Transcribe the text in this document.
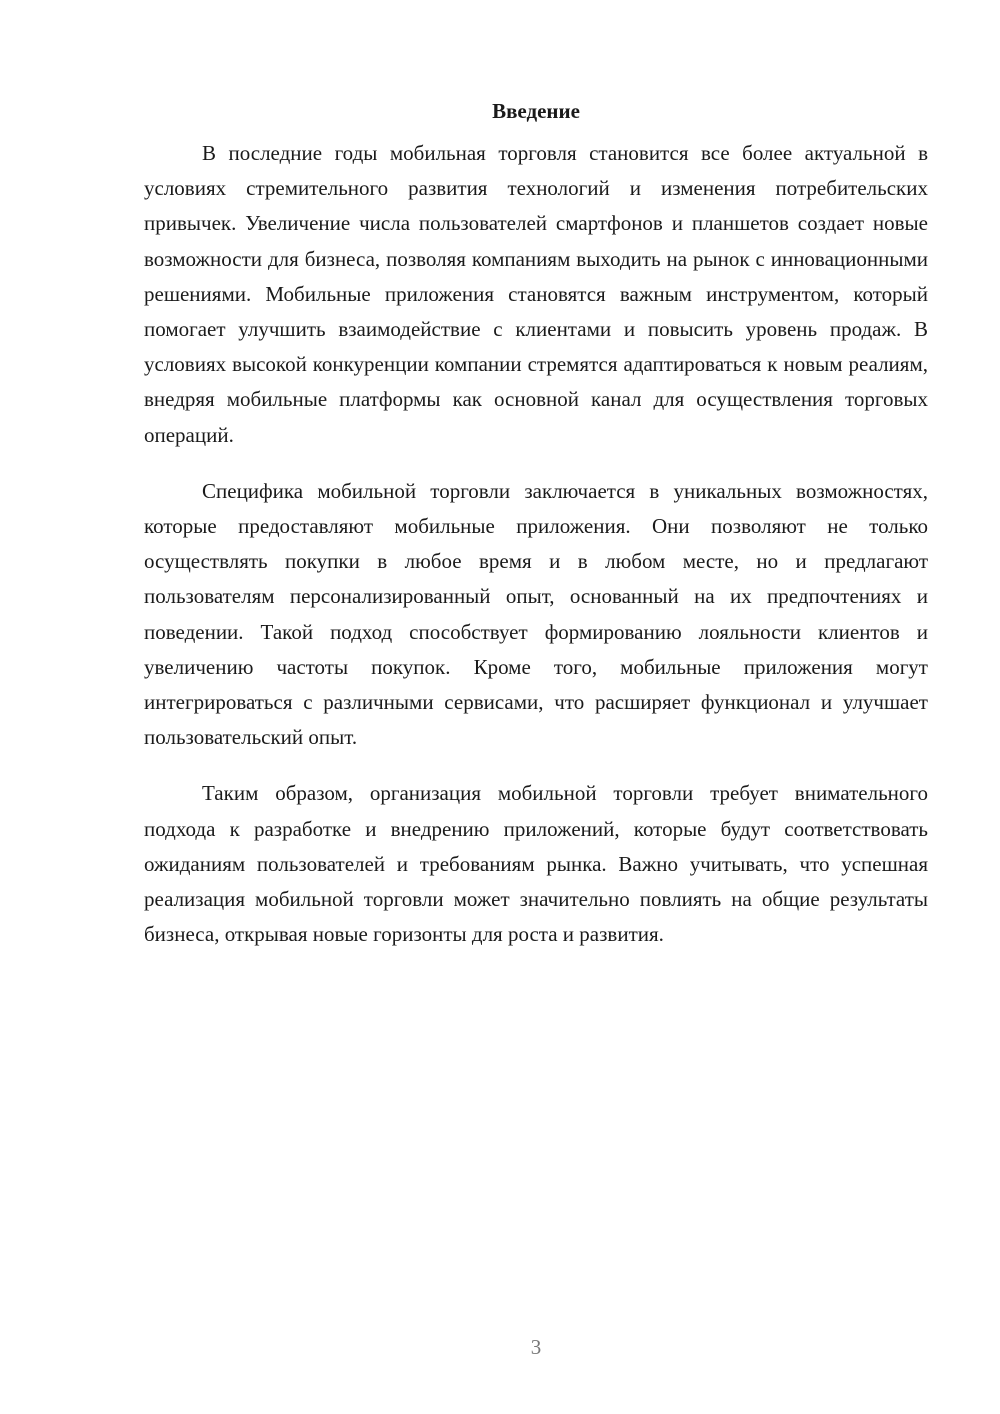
Введение

В последние годы мобильная торговля становится все более актуальной в условиях стремительного развития технологий и изменения потребительских привычек. Увеличение числа пользователей смартфонов и планшетов создает новые возможности для бизнеса, позволяя компаниям выходить на рынок с инновационными решениями. Мобильные приложения становятся важным инструментом, который помогает улучшить взаимодействие с клиентами и повысить уровень продаж. В условиях высокой конкуренции компании стремятся адаптироваться к новым реалиям, внедряя мобильные платформы как основной канал для осуществления торговых операций.

Специфика мобильной торговли заключается в уникальных возможностях, которые предоставляют мобильные приложения. Они позволяют не только осуществлять покупки в любое время и в любом месте, но и предлагают пользователям персонализированный опыт, основанный на их предпочтениях и поведении. Такой подход способствует формированию лояльности клиентов и увеличению частоты покупок. Кроме того, мобильные приложения могут интегрироваться с различными сервисами, что расширяет функционал и улучшает пользовательский опыт.

Таким образом, организация мобильной торговли требует внимательного подхода к разработке и внедрению приложений, которые будут соответствовать ожиданиям пользователей и требованиям рынка. Важно учитывать, что успешная реализация мобильной торговли может значительно повлиять на общие результаты бизнеса, открывая новые горизонты для роста и развития.

3
